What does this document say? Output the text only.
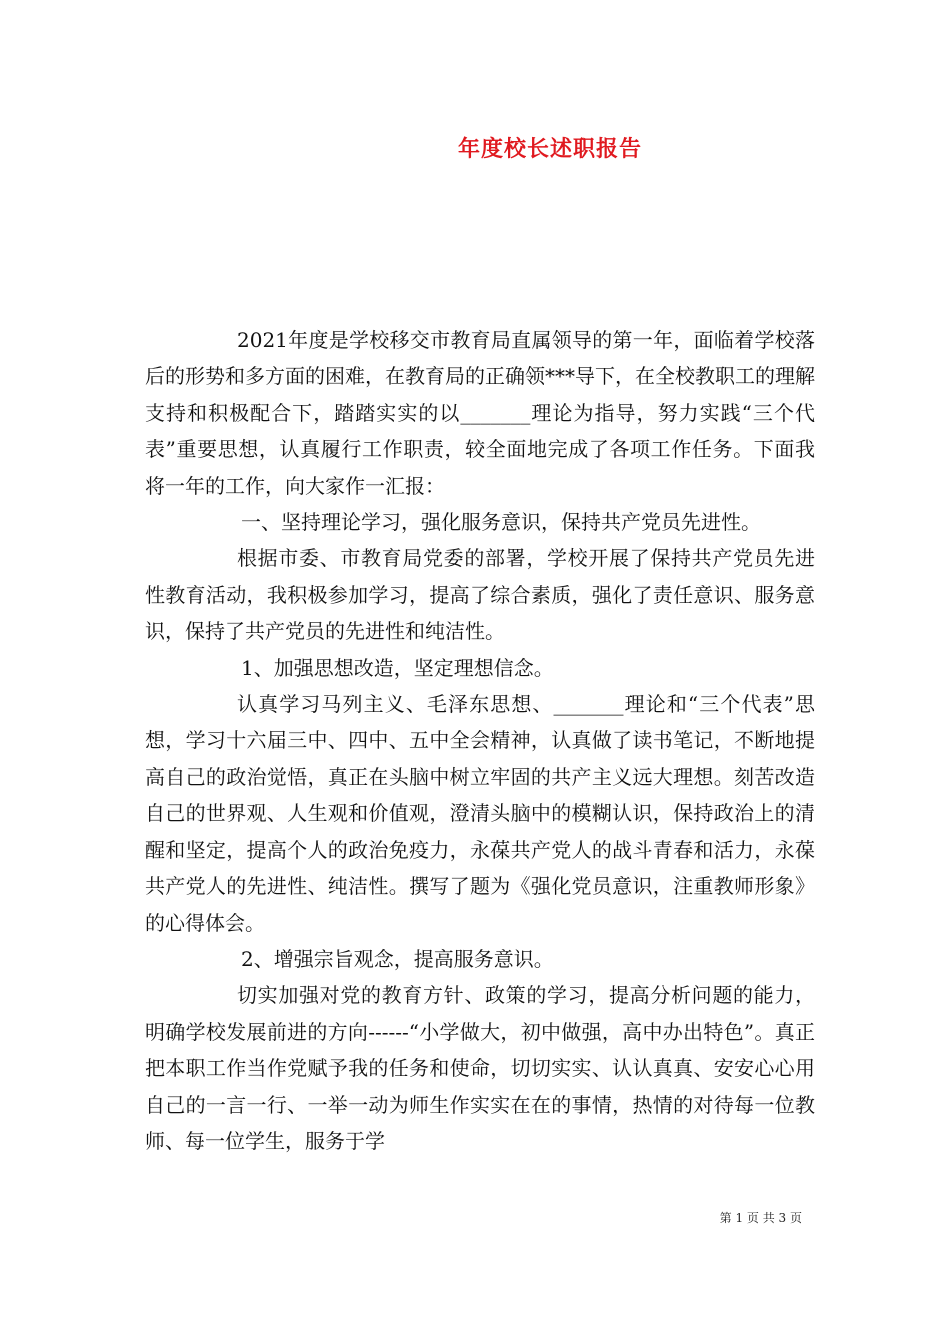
年度校长述职报告

2021年度是学校移交市教育局直属领导的第一年，面临着学校落后的形势和多方面的困难，在教育局的正确领***导下，在全校教职工的理解支持和积极配合下，踏踏实实的以_______理论为指导，努力实践“三个代表”重要思想，认真履行工作职责，较全面地完成了各项工作任务。下面我将一年的工作，向大家作一汇报：

一、坚持理论学习，强化服务意识，保持共产党员先进性。

根据市委、市教育局党委的部署，学校开展了保持共产党员先进性教育活动，我积极参加学习，提高了综合素质，强化了责任意识、服务意识，保持了共产党员的先进性和纯洁性。

1、加强思想改造，坚定理想信念。

认真学习马列主义、毛泽东思想、_______理论和“三个代表”思想，学习十六届三中、四中、五中全会精神，认真做了读书笔记，不断地提高自己的政治觉悟，真正在头脑中树立牢固的共产主义远大理想。刻苦改造自己的世界观、人生观和价值观，澄清头脑中的模糊认识，保持政治上的清醒和坚定，提高个人的政治免疫力，永葆共产党人的战斗青春和活力，永葆共产党人的先进性、纯洁性。撰写了题为《强化党员意识，注重教师形象》的心得体会。

2、增强宗旨观念，提高服务意识。

切实加强对党的教育方针、政策的学习，提高分析问题的能力，明确学校发展前进的方向------“小学做大，初中做强，高中办出特色”。真正把本职工作当作党赋予我的任务和使命，切切实实、认认真真、安安心心用自己的一言一行、一举一动为师生作实实在在的事情，热情的对待每一位教师、每一位学生，服务于学

第 1 页 共 3 页
